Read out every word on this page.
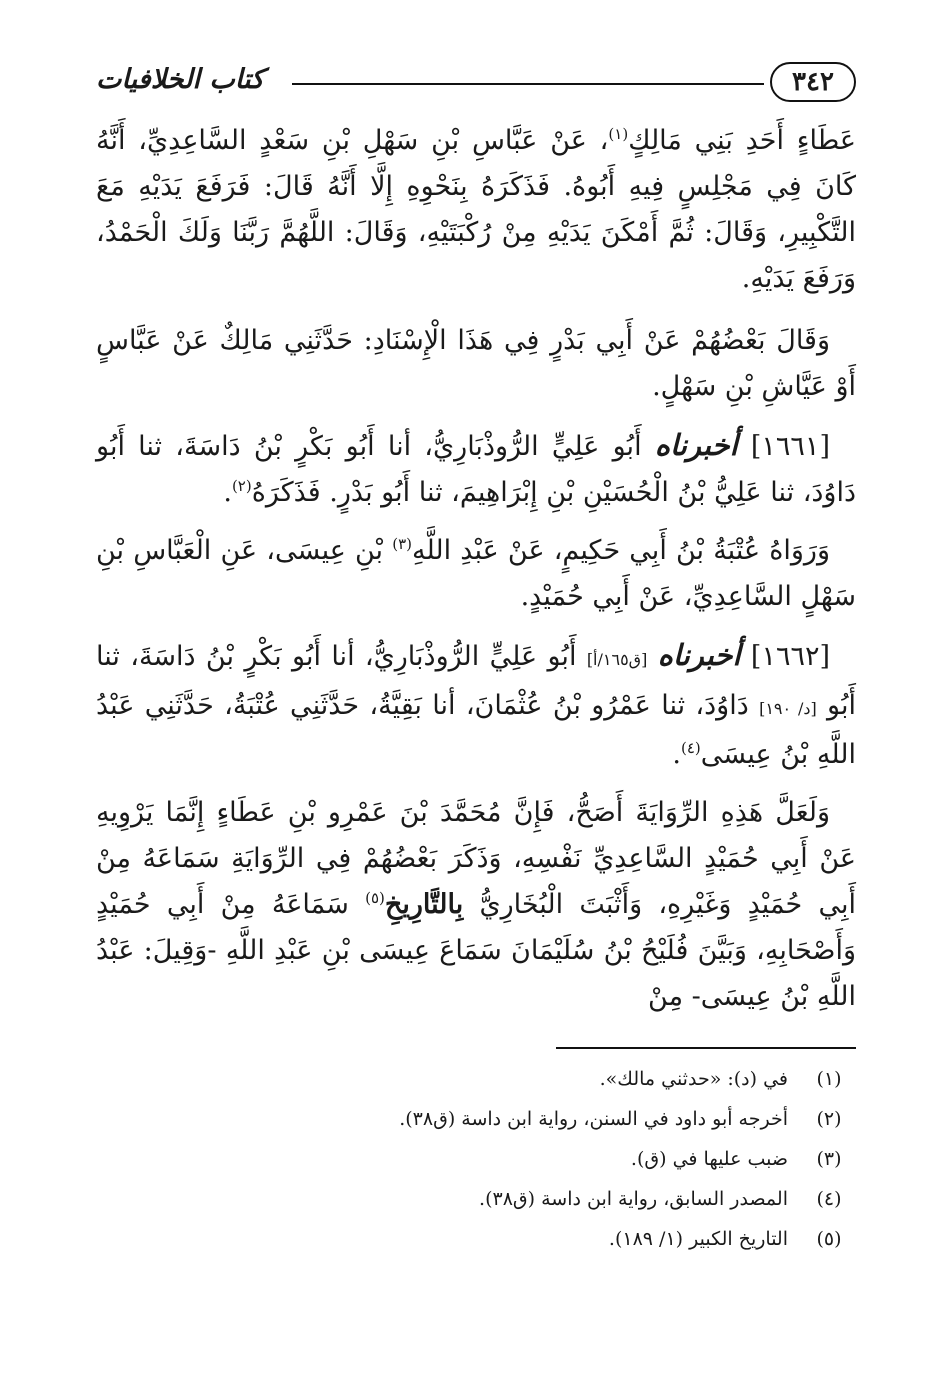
٣٤٢
كتاب الخلافيات

عَطَاءٍ أَحَدِ بَنِي مَالِكٍ$^{(١)}$، عَنْ عَبَّاسِ بْنِ سَهْلِ بْنِ سَعْدٍ السَّاعِدِيِّ، أَنَّهُ كَانَ فِي مَجْلِسٍ فِيهِ أَبُوهُ. فَذَكَرَهُ بِنَحْوِهِ إِلَّا أَنَّهُ قَالَ: فَرَفَعَ يَدَيْهِ مَعَ التَّكْبِيرِ، وَقَالَ: ثُمَّ أَمْكَنَ يَدَيْهِ مِنْ رُكْبَتَيْهِ، وَقَالَ: اللَّهُمَّ رَبَّنَا وَلَكَ الْحَمْدُ، وَرَفَعَ يَدَيْهِ.

وَقَالَ بَعْضُهُمْ عَنْ أَبِي بَدْرٍ فِي هَذَا الْإِسْنَادِ: حَدَّثَنِي مَالِكٌ عَنْ عَبَّاسٍ أَوْ عَيَّاشِ بْنِ سَهْلٍ.

[١٦٦١] أخبرناه أَبُو عَلِيٍّ الرُّوذْبَارِيُّ، أنا أَبُو بَكْرٍ بْنُ دَاسَةَ، ثنا أَبُو دَاوُدَ، ثنا عَلِيُّ بْنُ الْحُسَيْنِ بْنِ إِبْرَاهِيمَ، ثنا أَبُو بَدْرٍ. فَذَكَرَهُ$^{(٢)}$.

وَرَوَاهُ عُتْبَةُ بْنُ أَبِي حَكِيمٍ، عَنْ عَبْدِ اللَّهِ$^{(٣)}$ بْنِ عِيسَى، عَنِ الْعَبَّاسِ بْنِ سَهْلٍ السَّاعِدِيِّ، عَنْ أَبِي حُمَيْدٍ.

[١٦٦٢] أخبرناه [ق١٦٥/أ] أَبُو عَلِيٍّ الرُّوذْبَارِيُّ، أنا أَبُو بَكْرٍ بْنُ دَاسَةَ، ثنا أَبُو [د/ ١٩٠] دَاوُدَ، ثنا عَمْرُو بْنُ عُثْمَانَ، أنا بَقِيَّةُ، حَدَّثَنِي عُتْبَةُ، حَدَّثَنِي عَبْدُ اللَّهِ بْنُ عِيسَى$^{(٤)}$.

وَلَعَلَّ هَذِهِ الرِّوَايَةَ أَصَحُّ، فَإِنَّ مُحَمَّدَ بْنَ عَمْرِو بْنِ عَطَاءٍ إِنَّمَا يَرْوِيهِ عَنْ أَبِي حُمَيْدٍ السَّاعِدِيِّ نَفْسِهِ، وَذَكَرَ بَعْضُهُمْ فِي الرِّوَايَةِ سَمَاعَهُ مِنْ أَبِي حُمَيْدٍ وَغَيْرِهِ، وَأَثْبَتَ الْبُخَارِيُّ بِالتَّارِيخِ$^{(٥)}$ سَمَاعَهُ مِنْ أَبِي حُمَيْدٍ وَأَصْحَابِهِ، وَبَيَّنَ فُلَيْحُ بْنُ سُلَيْمَانَ سَمَاعَ عِيسَى بْنِ عَبْدِ اللَّهِ -وَقِيلَ: عَبْدُ اللَّهِ بْنُ عِيسَى- مِنْ

(١)
في (د): «حدثني مالك».
(٢)
أخرجه أبو داود في السنن، رواية ابن داسة (ق٣٨).
(٣)
ضبب عليها في (ق).
(٤)
المصدر السابق، رواية ابن داسة (ق٣٨).
(٥)
التاريخ الكبير (١/ ١٨٩).
